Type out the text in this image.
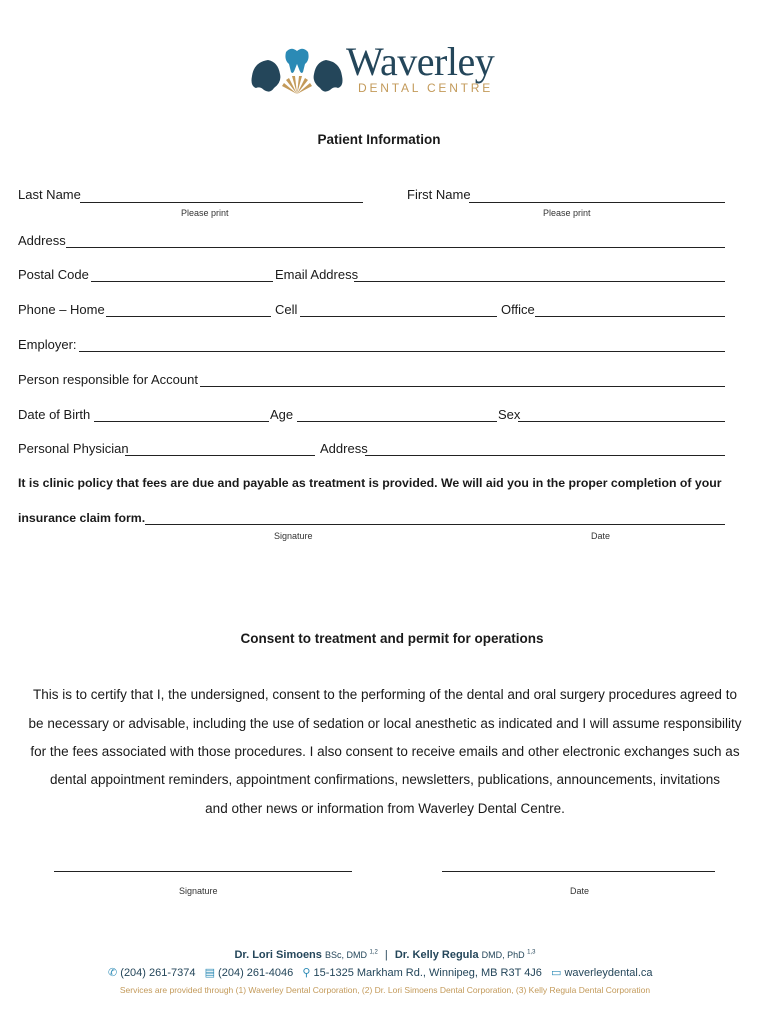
Waverley
DENTAL CENTRE
Patient Information
Last Name
Please print
First Name
Please print
Address
Postal Code	Email Address
Phone – Home	Cell	Office
Employer:
Person responsible for Account
Date of Birth	Age	Sex
Personal Physician	Address
It is clinic policy that fees are due and payable as treatment is provided. We will aid you in the proper completion of your
insurance claim form.
Signature	Date
Consent to treatment and permit for operations
This is to certify that I, the undersigned, consent to the performing of the dental and oral surgery procedures agreed to
be necessary or advisable, including the use of sedation or local anesthetic as indicated and I will assume responsibility
for the fees associated with those procedures. I also consent to receive emails and other electronic exchanges such as
dental appointment reminders, appointment confirmations, newsletters, publications, announcements, invitations
and other news or information from Waverley Dental Centre.
Signature	Date
Dr. Lori Simoens BSc, DMD $^{1,2}$ | Dr. Kelly Regula DMD, PhD $^{1,3}$
✆ (204) 261-7374 ▤ (204) 261-4046 ⚲ 15-1325 Markham Rd., Winnipeg, MB R3T 4J6 ▭ waverleydental.ca
Services are provided through (1) Waverley Dental Corporation, (2) Dr. Lori Simoens Dental Corporation, (3) Kelly Regula Dental Corporation
